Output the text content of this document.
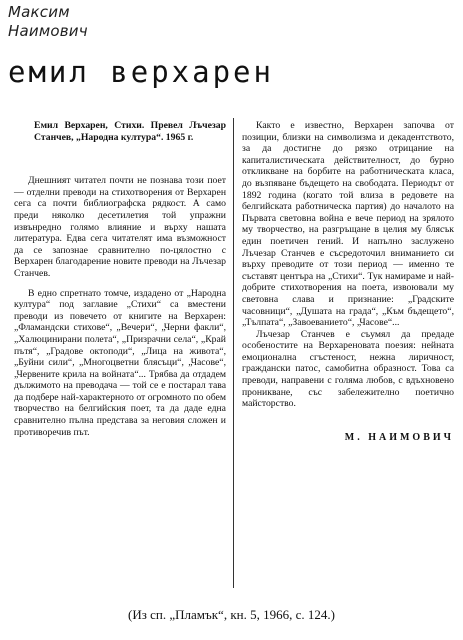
Максим
Наимович
емил верхарен

Емил Верхарен, Стихи. Превел Лъчезар Станчев, „Народна култура“. 1965 г.

Днешният читател почти не познава този поет — отделни преводи на стихотворения от Верхарен сега са почти библиографска рядкост. А само преди няколко десетилетия той упражни извънредно голямо влияние и върху нашата литература. Едва сега читателят има възможност да се запознае сравнително по-цялостно с Верхарен благодарение новите преводи на Лъчезар Станчев.

В едно спретнато томче, издадено от „Народна култура“ под заглавие „Стихи“ са вместени преводи из повечето от книгите на Верхарен: „Фламандски стихове“, „Вечери“, „Черни факли“, „Халюцинирани полета“, „Призрачни села“, „Край пътя“, „Градове октоподи“, „Лица на живота“, „Буйни сили“, „Многоцветни блясъци“, „Часове“, „Червените крила на войната“... Трябва да отдадем дължимото на преводача — той се е постарал тава да подбере най-характерното от огромното по обем творчество на белгийския поет, та да даде една сравнително пълна представа за неговия сложен и противоречив път.

Както е известно, Верхарен започва от позиции, близки на символизма и декадентството, за да достигне до рязко отрицание на капиталистическата действителност, до бурно откликване на борбите на работническата класа, до възпяване бъдещето на свободата. Периодът от 1892 година (когато той влиза в редовете на белгийската работническа партия) до началото на Първата световна война е вече период на зрялото му творчество, на разгръщане в целия му блясък един поетичен гений. И напълно заслужено Лъчезар Станчев е съсредоточил вниманието си върху преводите от този период — именно те съставят центъра на „Стихи“. Тук намираме и най-добрите стихотворения на поета, извоювали му световна слава и признание: „Градските часовници“, „Душата на града“, „Към бъдещето“, „Тълпата“, „Завоеванието“, „Часове“...

Лъчезар Станчев е съумял да предаде особеностите на Верхареновата поезия: нейната емоционална сгъстеност, нежна лиричност, граждански патос, самобитна образност. Това са преводи, направени с голяма любов, с вдъхновено проникване, със забележително поетично майсторство.

М. НАИМОВИЧ

(Из сп. „Пламък“, кн. 5, 1966, с. 124.)
